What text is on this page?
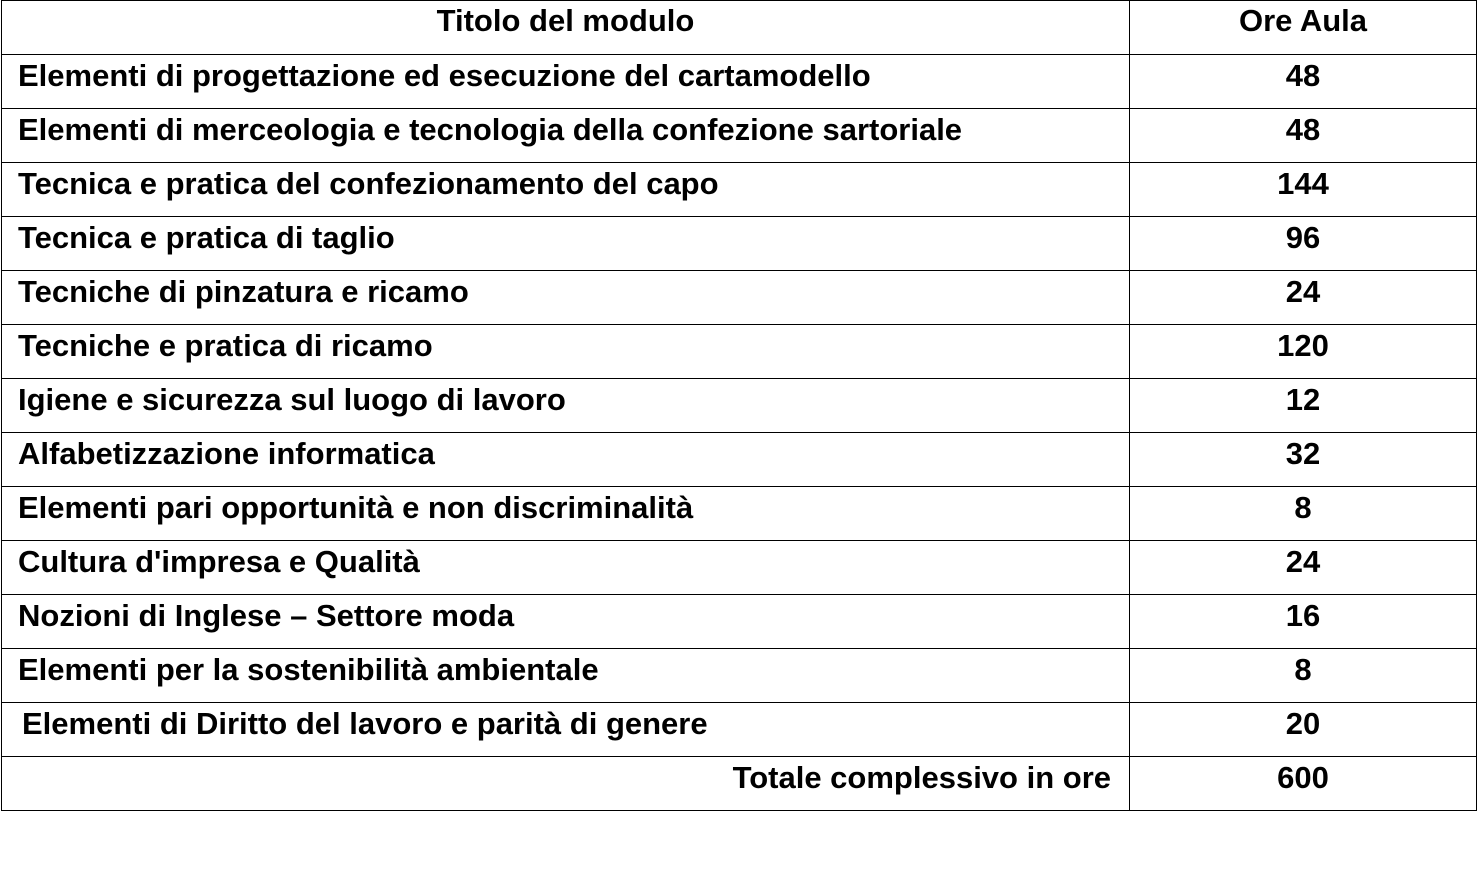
Titolo del modulo	Ore Aula
Elementi di progettazione ed esecuzione del cartamodello	48
Elementi di merceologia e tecnologia della confezione sartoriale	48
Tecnica e pratica del confezionamento del capo	144
Tecnica e pratica di taglio	96
Tecniche di pinzatura e ricamo	24
Tecniche e pratica di ricamo	120
Igiene e sicurezza sul luogo di lavoro	12
Alfabetizzazione informatica	32
Elementi pari opportunità e non discriminalità	8
Cultura d'impresa e Qualità	24
Nozioni di Inglese – Settore moda	16
Elementi per la sostenibilità ambientale	8
Elementi di Diritto del lavoro e parità di genere	20
Totale complessivo in ore	600
